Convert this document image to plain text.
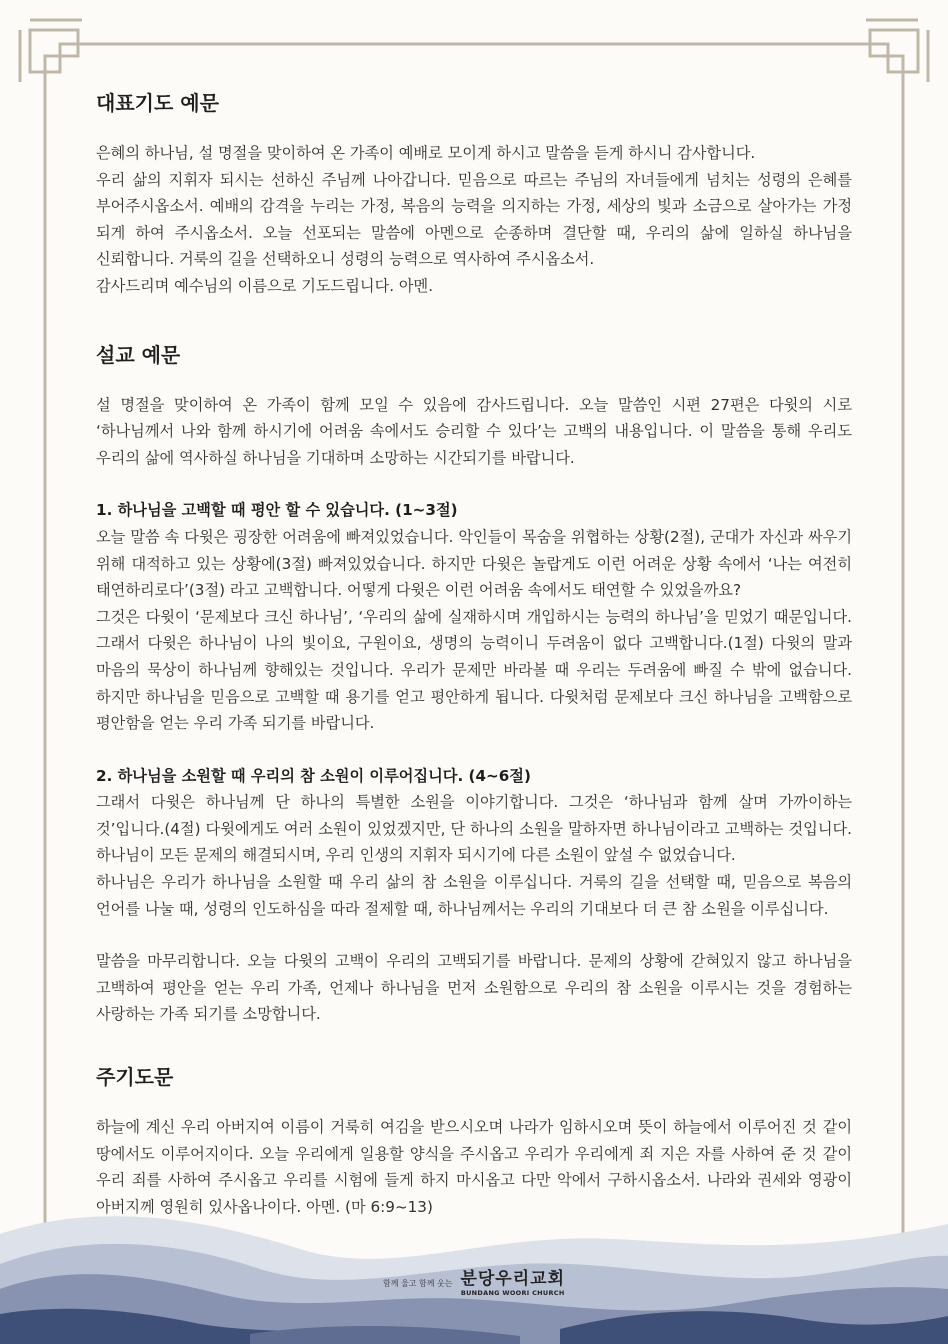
대표기도 예문

은혜의 하나님, 설 명절을 맞이하여 온 가족이 예배로 모이게 하시고 말씀을 듣게 하시니 감사합니다.

우리 삶의 지휘자 되시는 선하신 주님께 나아갑니다. 믿음으로 따르는 주님의 자녀들에게 넘치는 성령의 은혜를 부어주시옵소서. 예배의 감격을 누리는 가정, 복음의 능력을 의지하는 가정, 세상의 빛과 소금으로 살아가는 가정 되게 하여 주시옵소서. 오늘 선포되는 말씀에 아멘으로 순종하며 결단할 때, 우리의 삶에 일하실 하나님을 신뢰합니다. 거룩의 길을 선택하오니 성령의 능력으로 역사하여 주시옵소서.

감사드리며 예수님의 이름으로 기도드립니다. 아멘.

설교 예문

설 명절을 맞이하여 온 가족이 함께 모일 수 있음에 감사드립니다. 오늘 말씀인 시편 27편은 다윗의 시로 ‘하나님께서 나와 함께 하시기에 어려움 속에서도 승리할 수 있다’는 고백의 내용입니다. 이 말씀을 통해 우리도 우리의 삶에 역사하실 하나님을 기대하며 소망하는 시간되기를 바랍니다.

1. 하나님을 고백할 때 평안 할 수 있습니다. (1~3절)

오늘 말씀 속 다윗은 굉장한 어려움에 빠져있었습니다. 악인들이 목숨을 위협하는 상황(2절), 군대가 자신과 싸우기 위해 대적하고 있는 상황에(3절) 빠져있었습니다. 하지만 다윗은 놀랍게도 이런 어려운 상황 속에서 ‘나는 여전히 태연하리로다’(3절) 라고 고백합니다. 어떻게 다윗은 이런 어려움 속에서도 태연할 수 있었을까요?

그것은 다윗이 ‘문제보다 크신 하나님’, ‘우리의 삶에 실재하시며 개입하시는 능력의 하나님’을 믿었기 때문입니다. 그래서 다윗은 하나님이 나의 빛이요, 구원이요, 생명의 능력이니 두려움이 없다 고백합니다.(1절) 다윗의 말과 마음의 묵상이 하나님께 향해있는 것입니다. 우리가 문제만 바라볼 때 우리는 두려움에 빠질 수 밖에 없습니다. 하지만 하나님을 믿음으로 고백할 때 용기를 얻고 평안하게 됩니다. 다윗처럼 문제보다 크신 하나님을 고백함으로 평안함을 얻는 우리 가족 되기를 바랍니다.

2. 하나님을 소원할 때 우리의 참 소원이 이루어집니다. (4~6절)

그래서 다윗은 하나님께 단 하나의 특별한 소원을 이야기합니다. 그것은 ‘하나님과 함께 살며 가까이하는 것’입니다.(4절) 다윗에게도 여러 소원이 있었겠지만, 단 하나의 소원을 말하자면 하나님이라고 고백하는 것입니다. 하나님이 모든 문제의 해결되시며, 우리 인생의 지휘자 되시기에 다른 소원이 앞설 수 없었습니다.

하나님은 우리가 하나님을 소원할 때 우리 삶의 참 소원을 이루십니다. 거룩의 길을 선택할 때, 믿음으로 복음의 언어를 나눌 때, 성령의 인도하심을 따라 절제할 때, 하나님께서는 우리의 기대보다 더 큰 참 소원을 이루십니다.

말씀을 마무리합니다. 오늘 다윗의 고백이 우리의 고백되기를 바랍니다. 문제의 상황에 갇혀있지 않고 하나님을 고백하여 평안을 얻는 우리 가족, 언제나 하나님을 먼저 소원함으로 우리의 참 소원을 이루시는 것을 경험하는 사랑하는 가족 되기를 소망합니다.

주기도문

하늘에 계신 우리 아버지여 이름이 거룩히 여김을 받으시오며 나라가 임하시오며 뜻이 하늘에서 이루어진 것 같이 땅에서도 이루어지이다. 오늘 우리에게 일용할 양식을 주시옵고 우리가 우리에게 죄 지은 자를 사하여 준 것 같이 우리 죄를 사하여 주시옵고 우리를 시험에 들게 하지 마시옵고 다만 악에서 구하시옵소서. 나라와 권세와 영광이 아버지께 영원히 있사옵나이다. 아멘. (마 6:9~13)

함께 울고 함께 웃는 분당우리교회
BUNDANG WOORI CHURCH
